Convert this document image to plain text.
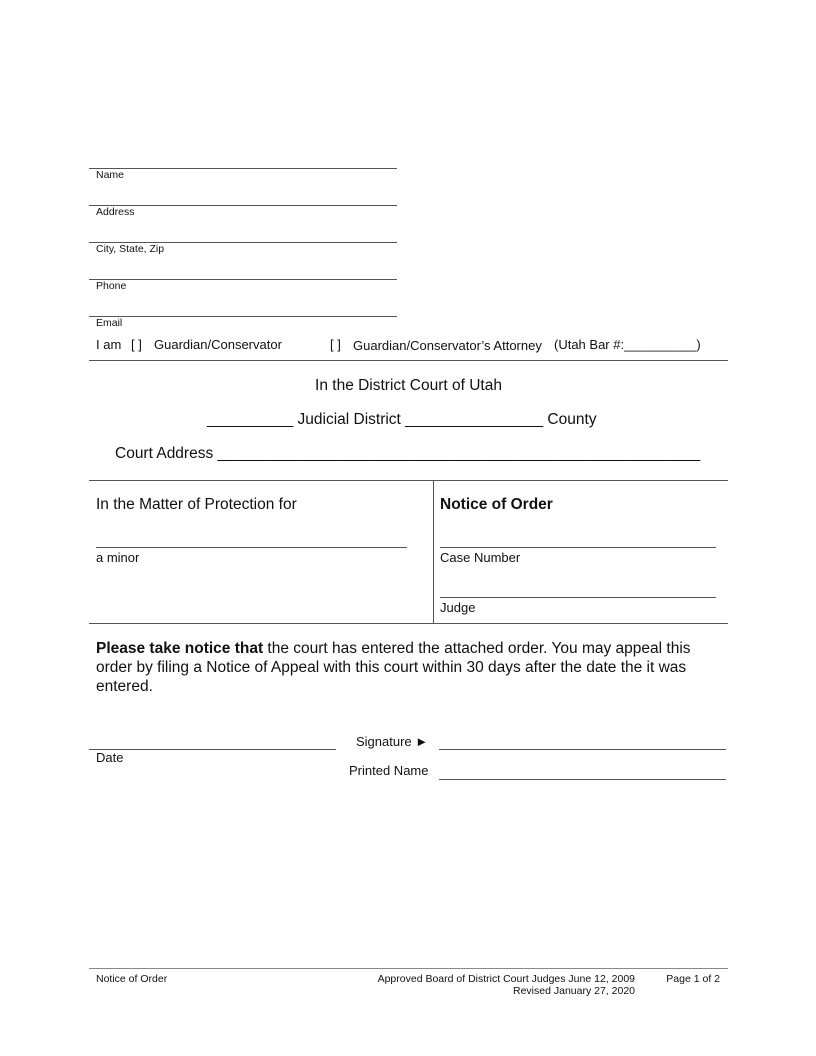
Name
Address
City, State, Zip
Phone
Email
I am [ ] Guardian/Conservator	[ ] Guardian/Conservator’s Attorney (Utah Bar #:__________)
In the District Court of Utah
__________ Judicial District ________________ County
Court Address ________________________________________________________
In the Matter of Protection for
a minor
Notice of Order
Case Number
Judge
Please take notice that the court has entered the attached order. You may appeal this order by filing a Notice of Appeal with this court within 30 days after the date the it was entered.
Date
Signature ►
Printed Name
Notice of Order	Approved Board of District Court Judges June 12, 2009
Revised January 27, 2020
Page 1 of 2
